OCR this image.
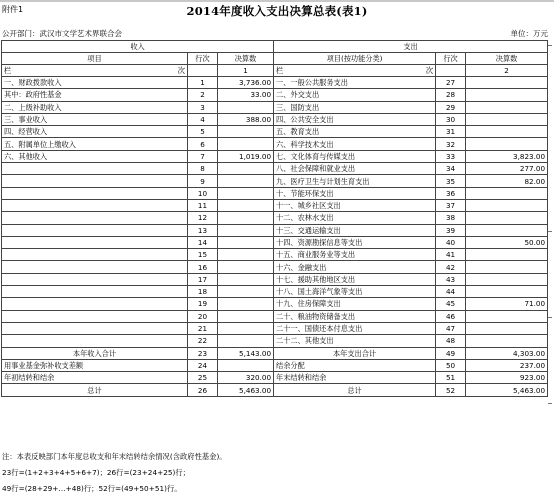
附件1	2014年度收入支出决算总表(表1)
公开部门：武汉市文学艺术界联合会	单位：万元
收入			支出		
项目	行次	决算数	项目(按功能分类)	行次	决算数
栏 次		1	栏 次		2
一、财政拨款收入	1	3,736.00	一、一般公共服务支出	27	
其中：政府性基金	2	33.00	二、外交支出	28	
二、上级补助收入	3		三、国防支出	29	
三、事业收入	4	388.00	四、公共安全支出	30	
四、经营收入	5		五、教育支出	31	
五、附属单位上缴收入	6		六、科学技术支出	32	
六、其他收入	7	1,019.00	七、文化体育与传媒支出	33	3,823.00
	8		八、社会保障和就业支出	34	277.00
	9		九、医疗卫生与计划生育支出	35	82.00
	10		十、节能环保支出	36	
	11		十一、城乡社区支出	37	
	12		十二、农林水支出	38	
	13		十三、交通运输支出	39	
	14		十四、资源勘探信息等支出	40	50.00
	15		十五、商业服务业等支出	41	
	16		十六、金融支出	42	
	17		十七、援助其他地区支出	43	
	18		十八、国土海洋气象等支出	44	
	19		十九、住房保障支出	45	71.00
	20		二十、粮油物资储备支出	46	
	21		二十一、国债还本付息支出	47	
	22		二十二、其他支出	48	
本年收入合计	23	5,143.00	本年支出合计	49	4,303.00
用事业基金弥补收支差额	24		结余分配	50	237.00
年初结转和结余	25	320.00	年末结转和结余	51	923.00
总计	26	5,463.00	总计	52	5,463.00
注：本表反映部门本年度总收支和年末结转结余情况(含政府性基金)。
23行=(1+2+3+4+5+6+7)；26行=(23+24+25)行；
49行=(28+29+…+48)行；52行=(49+50+51)行。
